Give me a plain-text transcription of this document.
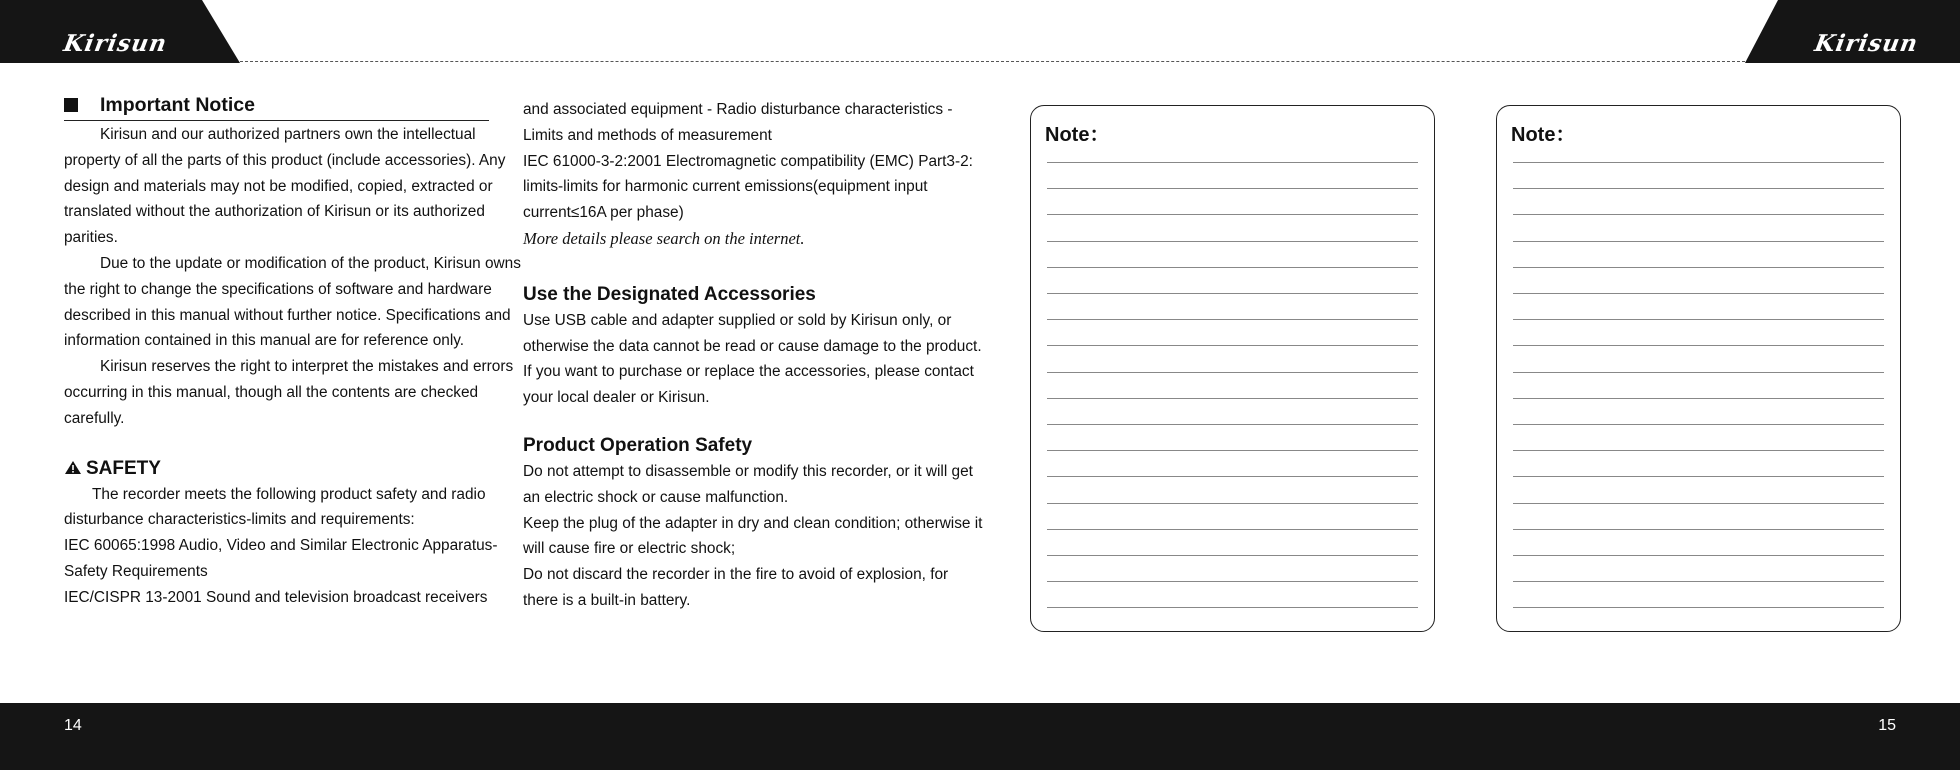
Kirisun	Kirisun
Important Notice

Kirisun and our authorized partners own the intellectual property of all the parts of this product (include accessories). Any design and materials may not be modified, copied, extracted or translated without the authorization of Kirisun or its authorized parities.

Due to the update or modification of the product, Kirisun owns the right to change the specifications of software and hardware described in this manual without further notice. Specifications and information contained in this manual are for reference only.

Kirisun reserves the right to interpret the mistakes and errors occurring in this manual, though all the contents are checked carefully.

SAFETY

The recorder meets the following product safety and radio disturbance characteristics-limits and requirements:

IEC 60065:1998 Audio, Video and Similar Electronic Apparatus-Safety Requirements

IEC/CISPR 13-2001 Sound and television broadcast receivers

and associated equipment - Radio disturbance characteristics - Limits and methods of measurement

IEC 61000-3-2:2001 Electromagnetic compatibility (EMC) Part3-2: limits-limits for harmonic current emissions(equipment input current≤16A per phase)

More details please search on the internet.

Use the Designated Accessories

Use USB cable and adapter supplied or sold by Kirisun only, or otherwise the data cannot be read or cause damage to the product.

If you want to purchase or replace the accessories, please contact your local dealer or Kirisun.

Product Operation Safety

Do not attempt to disassemble or modify this recorder, or it will get an electric shock or cause malfunction.

Keep the plug of the adapter in dry and clean condition; otherwise it will cause fire or electric shock;

Do not discard the recorder in the fire to avoid of explosion, for there is a built-in battery.

Note：	Note：
14	15
